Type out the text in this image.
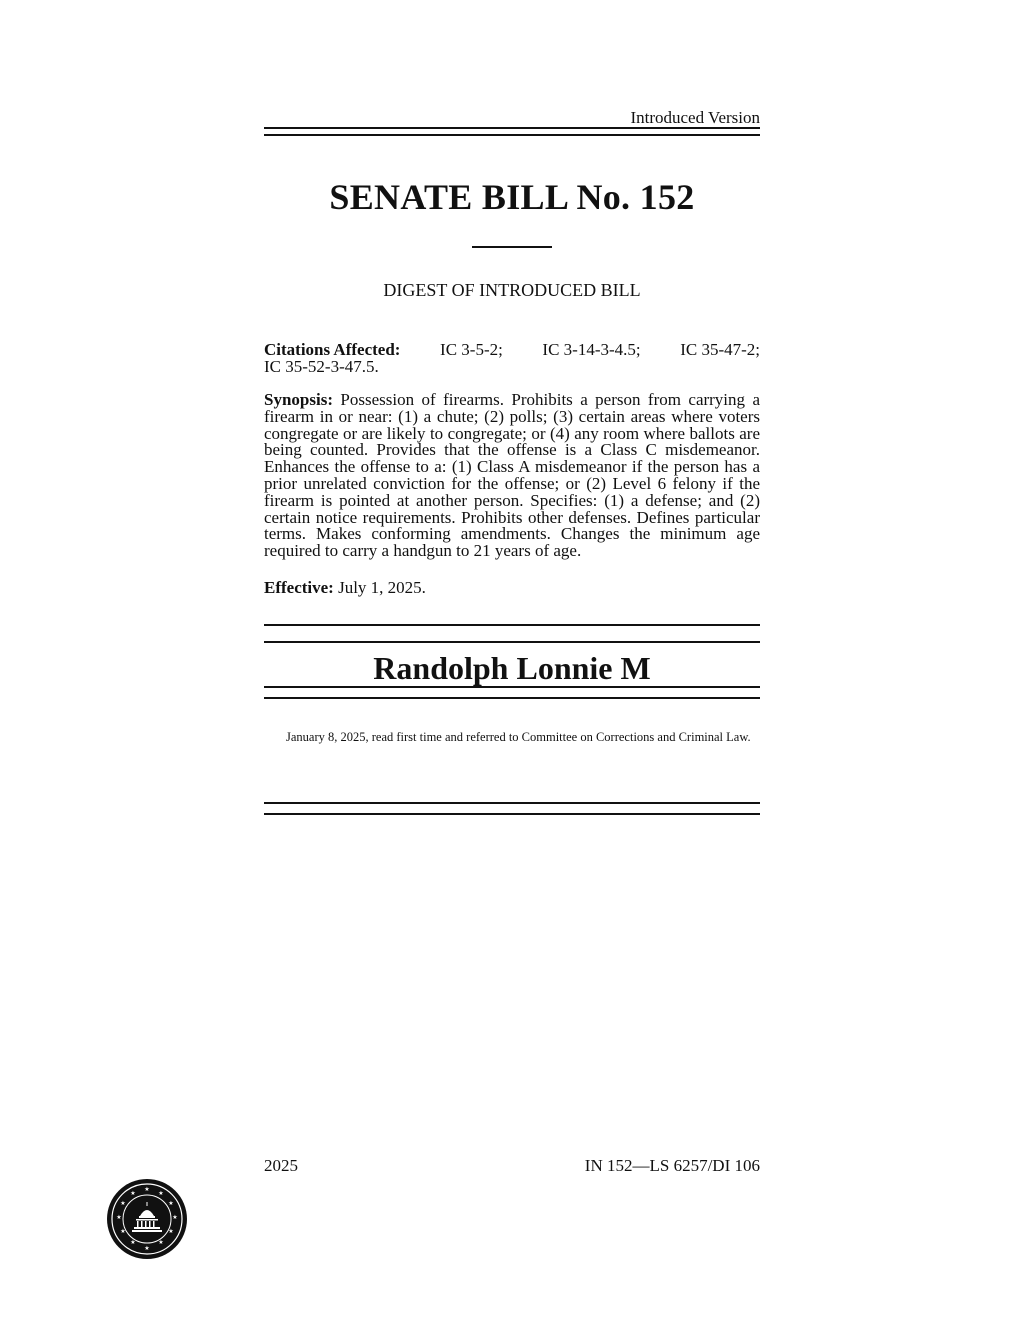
Introduced Version
SENATE BILL No. 152
DIGEST OF INTRODUCED BILL
Citations Affected: IC 3-5-2; IC 3-14-3-4.5; IC 35-47-2;
IC 35-52-3-47.5.
Synopsis: Possession of firearms. Prohibits a person from carrying a firearm in or near: (1) a chute; (2) polls; (3) certain areas where voters congregate or are likely to congregate; or (4) any room where ballots are being counted. Provides that the offense is a Class C misdemeanor. Enhances the offense to a: (1) Class A misdemeanor if the person has a prior unrelated conviction for the offense; or (2) Level 6 felony if the firearm is pointed at another person. Specifies: (1) a defense; and (2) certain notice requirements. Prohibits other defenses. Defines particular terms. Makes conforming amendments. Changes the minimum age required to carry a handgun to 21 years of age.
Effective: July 1, 2025.
Randolph Lonnie M
January 8, 2025, read first time and referred to Committee on Corrections and Criminal Law.
2025	IN 152—LS 6257/DI 106
★
★
★
★
★
★
★
★
★
★
★
★
